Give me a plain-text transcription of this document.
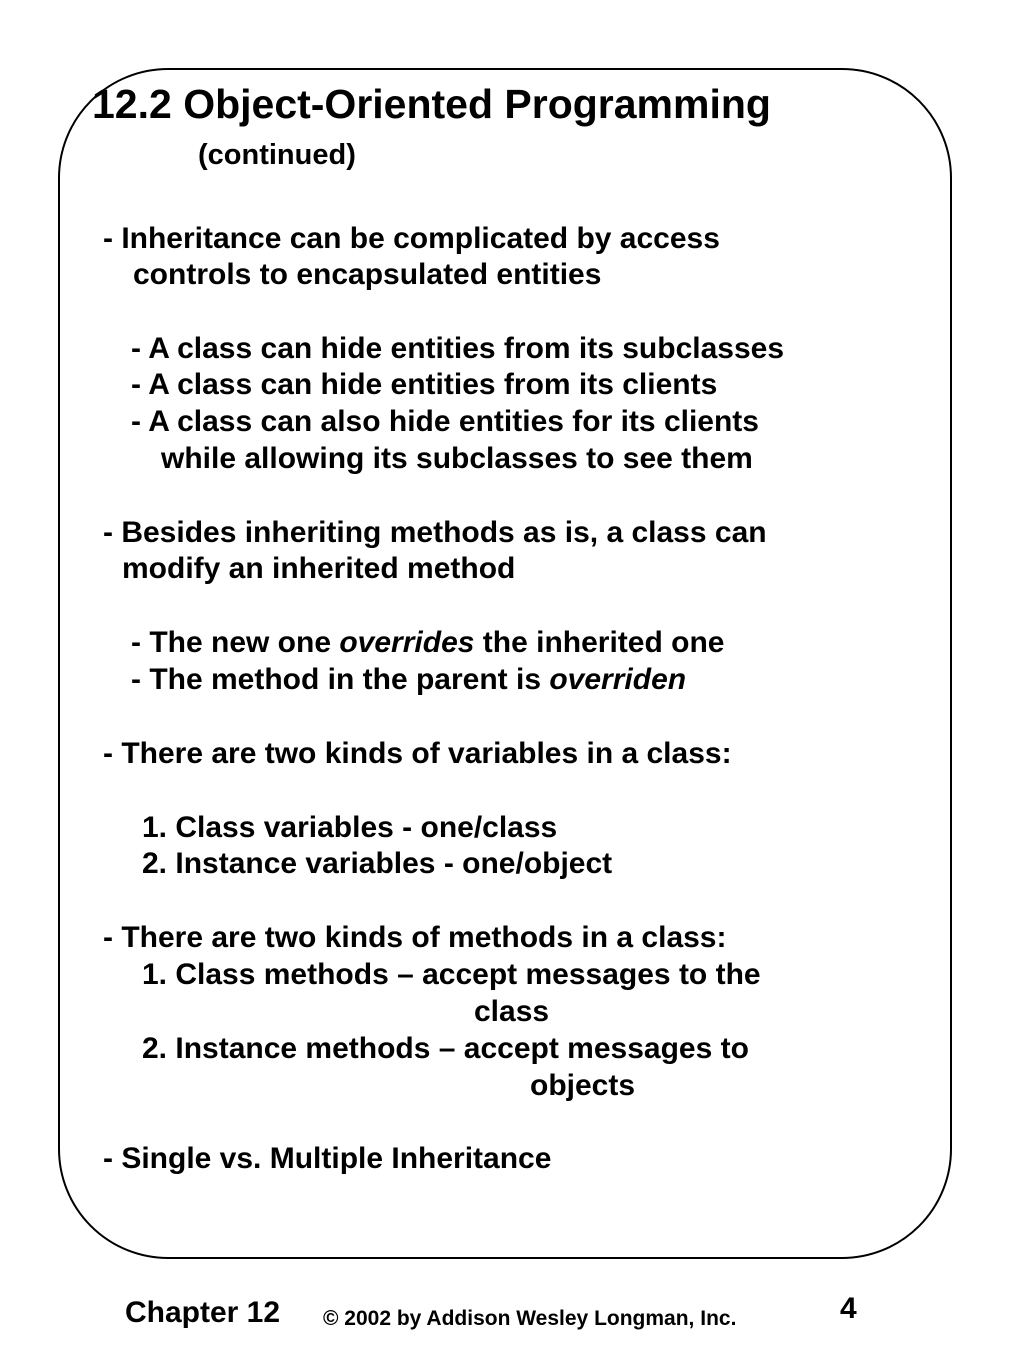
12.2 Object-Oriented Programming
(continued)
- Inheritance can be complicated by access
controls to encapsulated entities
- A class can hide entities from its subclasses
- A class can hide entities from its clients
- A class can also hide entities for its clients
while allowing its subclasses to see them
- Besides inheriting methods as is, a class can
modify an inherited method
- The new one overrides the inherited one
- The method in the parent is overriden
- There are two kinds of variables in a class:
1. Class variables - one/class
2. Instance variables - one/object
- There are two kinds of methods in a class:
1. Class methods – accept messages to the
class
2. Instance methods – accept messages to
objects
- Single vs. Multiple Inheritance
Chapter 12 © 2002 by Addison Wesley Longman, Inc.	4
